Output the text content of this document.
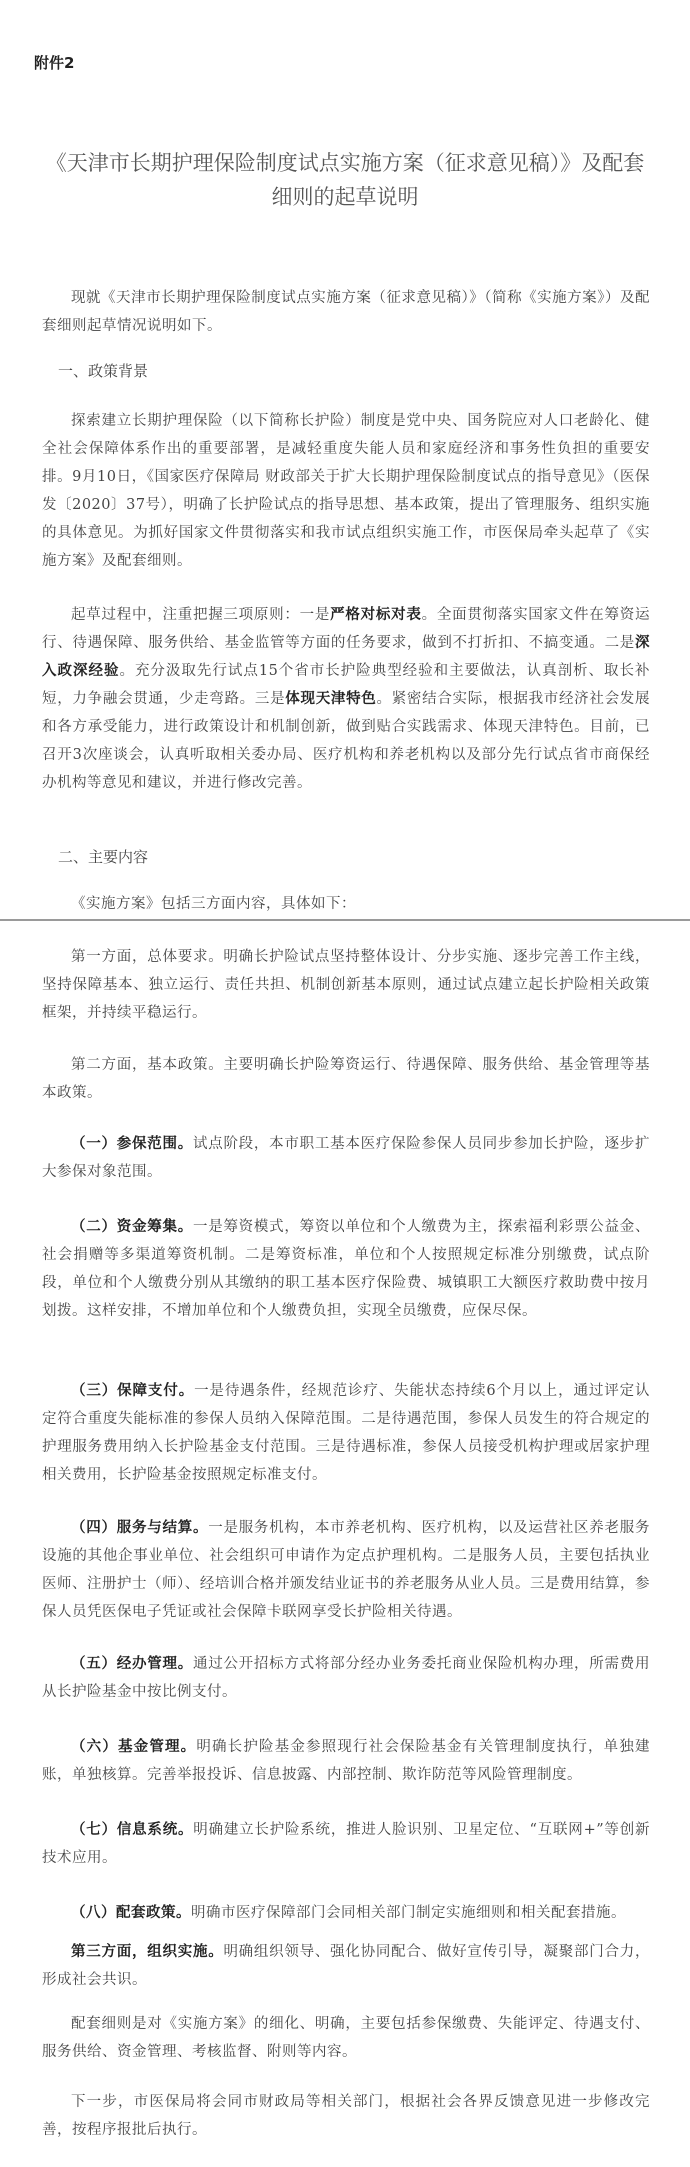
附件2
《天津市长期护理保险制度试点实施方案（征求意见稿）》及配套细则的起草说明
现就《天津市长期护理保险制度试点实施方案（征求意见稿）》（简称《实施方案》）及配套细则起草情况说明如下。
一、政策背景
探索建立长期护理保险（以下简称长护险）制度是党中央、国务院应对人口老龄化、健全社会保障体系作出的重要部署，是减轻重度失能人员和家庭经济和事务性负担的重要安排。9月10日，《国家医疗保障局 财政部关于扩大长期护理保险制度试点的指导意见》（医保发〔2020〕37号），明确了长护险试点的指导思想、基本政策，提出了管理服务、组织实施的具体意见。为抓好国家文件贯彻落实和我市试点组织实施工作，市医保局牵头起草了《实施方案》及配套细则。
起草过程中，注重把握三项原则：一是严格对标对表。全面贯彻落实国家文件在筹资运行、待遇保障、服务供给、基金监管等方面的任务要求，做到不打折扣、不搞变通。二是深入政深经验。充分汲取先行试点15个省市长护险典型经验和主要做法，认真剖析、取长补短，力争融会贯通，少走弯路。三是体现天津特色。紧密结合实际，根据我市经济社会发展和各方承受能力，进行政策设计和机制创新，做到贴合实践需求、体现天津特色。目前，已召开3次座谈会，认真听取相关委办局、医疗机构和养老机构以及部分先行试点省市商保经办机构等意见和建议，并进行修改完善。
二、主要内容
《实施方案》包括三方面内容，具体如下：
第一方面，总体要求。明确长护险试点坚持整体设计、分步实施、逐步完善工作主线，坚持保障基本、独立运行、责任共担、机制创新基本原则，通过试点建立起长护险相关政策框架，并持续平稳运行。
第二方面，基本政策。主要明确长护险筹资运行、待遇保障、服务供给、基金管理等基本政策。
（一）参保范围。试点阶段，本市职工基本医疗保险参保人员同步参加长护险，逐步扩大参保对象范围。
（二）资金筹集。一是筹资模式，筹资以单位和个人缴费为主，探索福利彩票公益金、社会捐赠等多渠道筹资机制。二是筹资标准，单位和个人按照规定标准分别缴费，试点阶段，单位和个人缴费分别从其缴纳的职工基本医疗保险费、城镇职工大额医疗救助费中按月划拨。这样安排，不增加单位和个人缴费负担，实现全员缴费，应保尽保。
（三）保障支付。一是待遇条件，经规范诊疗、失能状态持续6个月以上，通过评定认定符合重度失能标准的参保人员纳入保障范围。二是待遇范围，参保人员发生的符合规定的护理服务费用纳入长护险基金支付范围。三是待遇标准，参保人员接受机构护理或居家护理相关费用，长护险基金按照规定标准支付。
（四）服务与结算。一是服务机构，本市养老机构、医疗机构，以及运营社区养老服务设施的其他企事业单位、社会组织可申请作为定点护理机构。二是服务人员，主要包括执业医师、注册护士（师）、经培训合格并颁发结业证书的养老服务从业人员。三是费用结算，参保人员凭医保电子凭证或社会保障卡联网享受长护险相关待遇。
（五）经办管理。通过公开招标方式将部分经办业务委托商业保险机构办理，所需费用从长护险基金中按比例支付。
（六）基金管理。明确长护险基金参照现行社会保险基金有关管理制度执行，单独建账，单独核算。完善举报投诉、信息披露、内部控制、欺诈防范等风险管理制度。
（七）信息系统。明确建立长护险系统，推进人脸识别、卫星定位、“互联网+”等创新技术应用。
（八）配套政策。明确市医疗保障部门会同相关部门制定实施细则和相关配套措施。
第三方面，组织实施。明确组织领导、强化协同配合、做好宣传引导，凝聚部门合力，形成社会共识。
配套细则是对《实施方案》的细化、明确，主要包括参保缴费、失能评定、待遇支付、服务供给、资金管理、考核监督、附则等内容。
下一步，市医保局将会同市财政局等相关部门，根据社会各界反馈意见进一步修改完善，按程序报批后执行。
